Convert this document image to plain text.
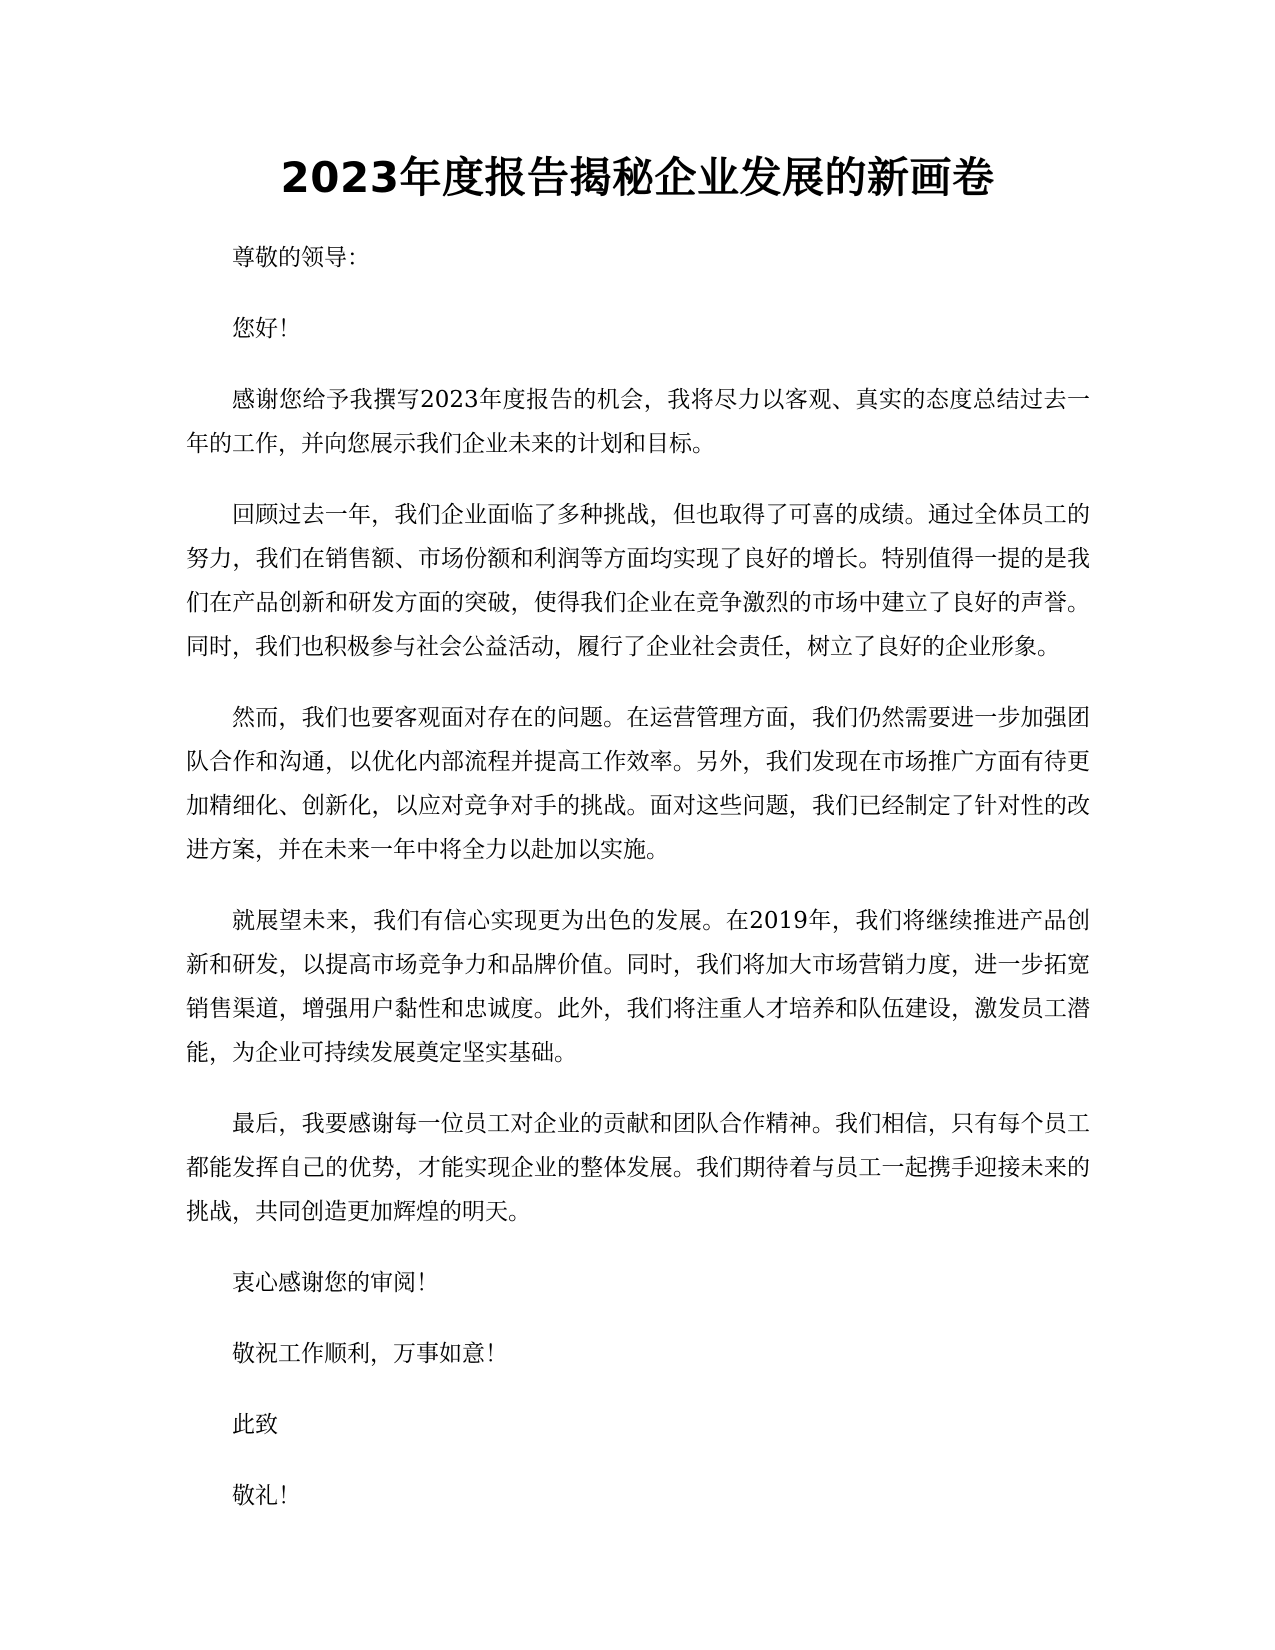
2023年度报告揭秘企业发展的新画卷

尊敬的领导：

您好！

感谢您给予我撰写2023年度报告的机会，我将尽力以客观、真实的态度总结过去一年的工作，并向您展示我们企业未来的计划和目标。

回顾过去一年，我们企业面临了多种挑战，但也取得了可喜的成绩。通过全体员工的努力，我们在销售额、市场份额和利润等方面均实现了良好的增长。特别值得一提的是我们在产品创新和研发方面的突破，使得我们企业在竞争激烈的市场中建立了良好的声誉。同时，我们也积极参与社会公益活动，履行了企业社会责任，树立了良好的企业形象。

然而，我们也要客观面对存在的问题。在运营管理方面，我们仍然需要进一步加强团队合作和沟通，以优化内部流程并提高工作效率。另外，我们发现在市场推广方面有待更加精细化、创新化，以应对竞争对手的挑战。面对这些问题，我们已经制定了针对性的改进方案，并在未来一年中将全力以赴加以实施。

就展望未来，我们有信心实现更为出色的发展。在2019年，我们将继续推进产品创新和研发，以提高市场竞争力和品牌价值。同时，我们将加大市场营销力度，进一步拓宽销售渠道，增强用户黏性和忠诚度。此外，我们将注重人才培养和队伍建设，激发员工潜能，为企业可持续发展奠定坚实基础。

最后，我要感谢每一位员工对企业的贡献和团队合作精神。我们相信，只有每个员工都能发挥自己的优势，才能实现企业的整体发展。我们期待着与员工一起携手迎接未来的挑战，共同创造更加辉煌的明天。

衷心感谢您的审阅！

敬祝工作顺利，万事如意！

此致

敬礼！
